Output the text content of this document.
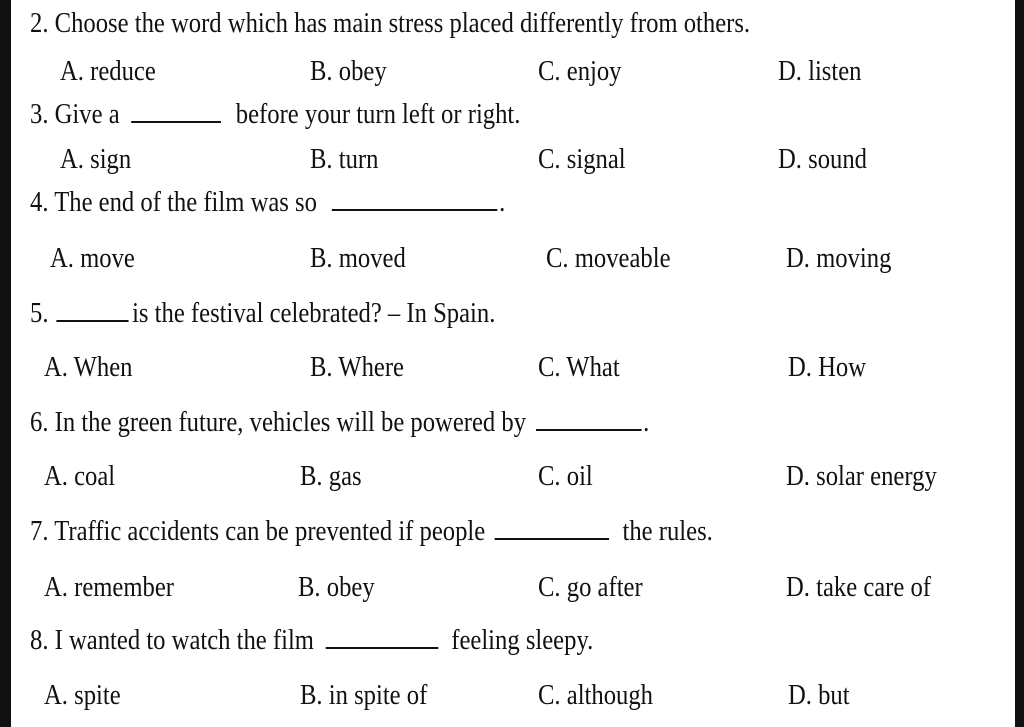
2. Choose the word which has main stress placed differently from others.
A. reduce	B. obey	C. enjoy	D. listen
3. Give a	before your turn left or right.
A. sign	B. turn	C. signal	D. sound
4. The end of the film was so	.
A. move	B. moved	C. moveable	D. moving
5.	is the festival celebrated? – In Spain.
A. When	B. Where	C. What	D. How
6. In the green future, vehicles will be powered by	.
A. coal	B. gas	C. oil	D. solar energy
7. Traffic accidents can be prevented if people	the rules.
A. remember	B. obey	C. go after	D. take care of
8. I wanted to watch the film	feeling sleepy.
A. spite	B. in spite of	C. although	D. but
